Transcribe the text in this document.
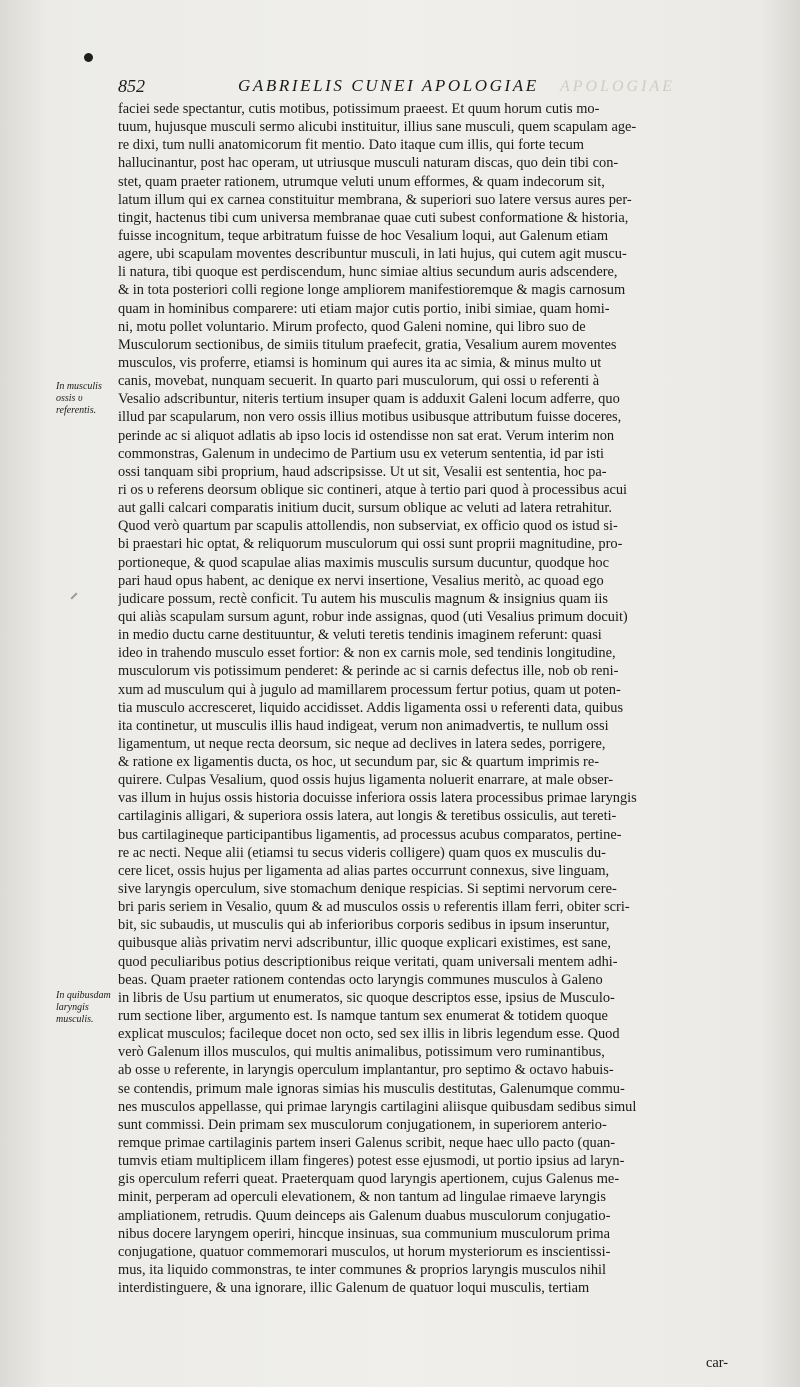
APOLOGIAE
852	GABRIELIS CUNEI APOLOGIAE
In musculis ossis υ referentis.
In quibusdam laryngis musculis.
faciei sede spectantur, cutis motibus, potissimum praeest. Et quum horum cutis mo-
tuum, hujusque musculi sermo alicubi instituitur, illius sane musculi, quem scapulam age-
re dixi, tum nulli anatomicorum fit mentio. Dato itaque cum illis, qui forte tecum
hallucinantur, post hac operam, ut utriusque musculi naturam discas, quo dein tibi con-
stet, quam praeter rationem, utrumque veluti unum efformes, & quam indecorum sit,
latum illum qui ex carnea constituitur membrana, & superiori suo latere versus aures per-
tingit, hactenus tibi cum universa membranae quae cuti subest conformatione & historia,
fuisse incognitum, teque arbitratum fuisse de hoc Vesalium loqui, aut Galenum etiam
agere, ubi scapulam moventes describuntur musculi, in lati hujus, qui cutem agit muscu-
li natura, tibi quoque est perdiscendum, hunc simiae altius secundum auris adscendere,
& in tota posteriori colli regione longe ampliorem manifestioremque & magis carnosum
quam in hominibus comparere: uti etiam major cutis portio, inibi simiae, quam homi-
ni, motu pollet voluntario. Mirum profecto, quod Galeni nomine, qui libro suo de
Musculorum sectionibus, de simiis titulum praefecit, gratia, Vesalium aurem moventes
musculos, vis proferre, etiamsi is hominum qui aures ita ac simia, & minus multo ut
canis, movebat, nunquam secuerit. In quarto pari musculorum, qui ossi υ referenti à
Vesalio adscribuntur, niteris tertium insuper quam is adduxit Galeni locum adferre, quo
illud par scapularum, non vero ossis illius motibus usibusque attributum fuisse doceres,
perinde ac si aliquot adlatis ab ipso locis id ostendisse non sat erat. Verum interim non
commonstras, Galenum in undecimo de Partium usu ex veterum sententia, id par isti
ossi tanquam sibi proprium, haud adscripsisse. Ut ut sit, Vesalii est sententia, hoc pa-
ri os υ referens deorsum oblique sic contineri, atque à tertio pari quod à processibus acui
aut galli calcari comparatis initium ducit, sursum oblique ac veluti ad latera retrahitur.
Quod verò quartum par scapulis attollendis, non subserviat, ex officio quod os istud si-
bi praestari hic optat, & reliquorum musculorum qui ossi sunt proprii magnitudine, pro-
portioneque, & quod scapulae alias maximis musculis sursum ducuntur, quodque hoc
pari haud opus habent, ac denique ex nervi insertione, Vesalius meritò, ac quoad ego
judicare possum, rectè conficit. Tu autem his musculis magnum & insignius quam iis
qui aliàs scapulam sursum agunt, robur inde assignas, quod (uti Vesalius primum docuit)
in medio ductu carne destituuntur, & veluti teretis tendinis imaginem referunt: quasi
ideo in trahendo musculo esset fortior: & non ex carnis mole, sed tendinis longitudine,
musculorum vis potissimum penderet: & perinde ac si carnis defectus ille, nob ob reni-
xum ad musculum qui à jugulo ad mamillarem processum fertur potius, quam ut poten-
tia musculo accresceret, liquido accidisset. Addis ligamenta ossi υ referenti data, quibus
ita continetur, ut musculis illis haud indigeat, verum non animadvertis, te nullum ossi
ligamentum, ut neque recta deorsum, sic neque ad declives in latera sedes, porrigere,
& ratione ex ligamentis ducta, os hoc, ut secundum par, sic & quartum imprimis re-
quirere. Culpas Vesalium, quod ossis hujus ligamenta noluerit enarrare, at male obser-
vas illum in hujus ossis historia docuisse inferiora ossis latera processibus primae laryngis
cartilaginis alligari, & superiora ossis latera, aut longis & teretibus ossiculis, aut tereti-
bus cartilagineque participantibus ligamentis, ad processus acubus comparatos, pertine-
re ac necti. Neque alii (etiamsi tu secus videris colligere) quam quos ex musculis du-
cere licet, ossis hujus per ligamenta ad alias partes occurrunt connexus, sive linguam,
sive laryngis operculum, sive stomachum denique respicias. Si septimi nervorum cere-
bri paris seriem in Vesalio, quum & ad musculos ossis υ referentis illam ferri, obiter scri-
bit, sic subaudis, ut musculis qui ab inferioribus corporis sedibus in ipsum inseruntur,
quibusque aliàs privatim nervi adscribuntur, illic quoque explicari existimes, est sane,
quod peculiaribus potius descriptionibus reique veritati, quam universali mentem adhi-
beas. Quam praeter rationem contendas octo laryngis communes musculos à Galeno
in libris de Usu partium ut enumeratos, sic quoque descriptos esse, ipsius de Musculo-
rum sectione liber, argumento est. Is namque tantum sex enumerat & totidem quoque
explicat musculos; facileque docet non octo, sed sex illis in libris legendum esse. Quod
verò Galenum illos musculos, qui multis animalibus, potissimum vero ruminantibus,
ab osse υ referente, in laryngis operculum implantantur, pro septimo & octavo habuis-
se contendis, primum male ignoras simias his musculis destitutas, Galenumque commu-
nes musculos appellasse, qui primae laryngis cartilagini aliisque quibusdam sedibus simul
sunt commissi. Dein primam sex musculorum conjugationem, in superiorem anterio-
remque primae cartilaginis partem inseri Galenus scribit, neque haec ullo pacto (quan-
tumvis etiam multiplicem illam fingeres) potest esse ejusmodi, ut portio ipsius ad laryn-
gis operculum referri queat. Praeterquam quod laryngis apertionem, cujus Galenus me-
minit, perperam ad operculi elevationem, & non tantum ad lingulae rimaeve laryngis
ampliationem, retrudis. Quum deinceps ais Galenum duabus musculorum conjugatio-
nibus docere laryngem operiri, hincque insinuas, sua communium musculorum prima
conjugatione, quatuor commemorari musculos, ut horum mysteriorum es inscientissi-
mus, ita liquido commonstras, te inter communes & proprios laryngis musculos nihil
interdistinguere, & una ignorare, illic Galenum de quatuor loqui musculis, tertiam
car-
